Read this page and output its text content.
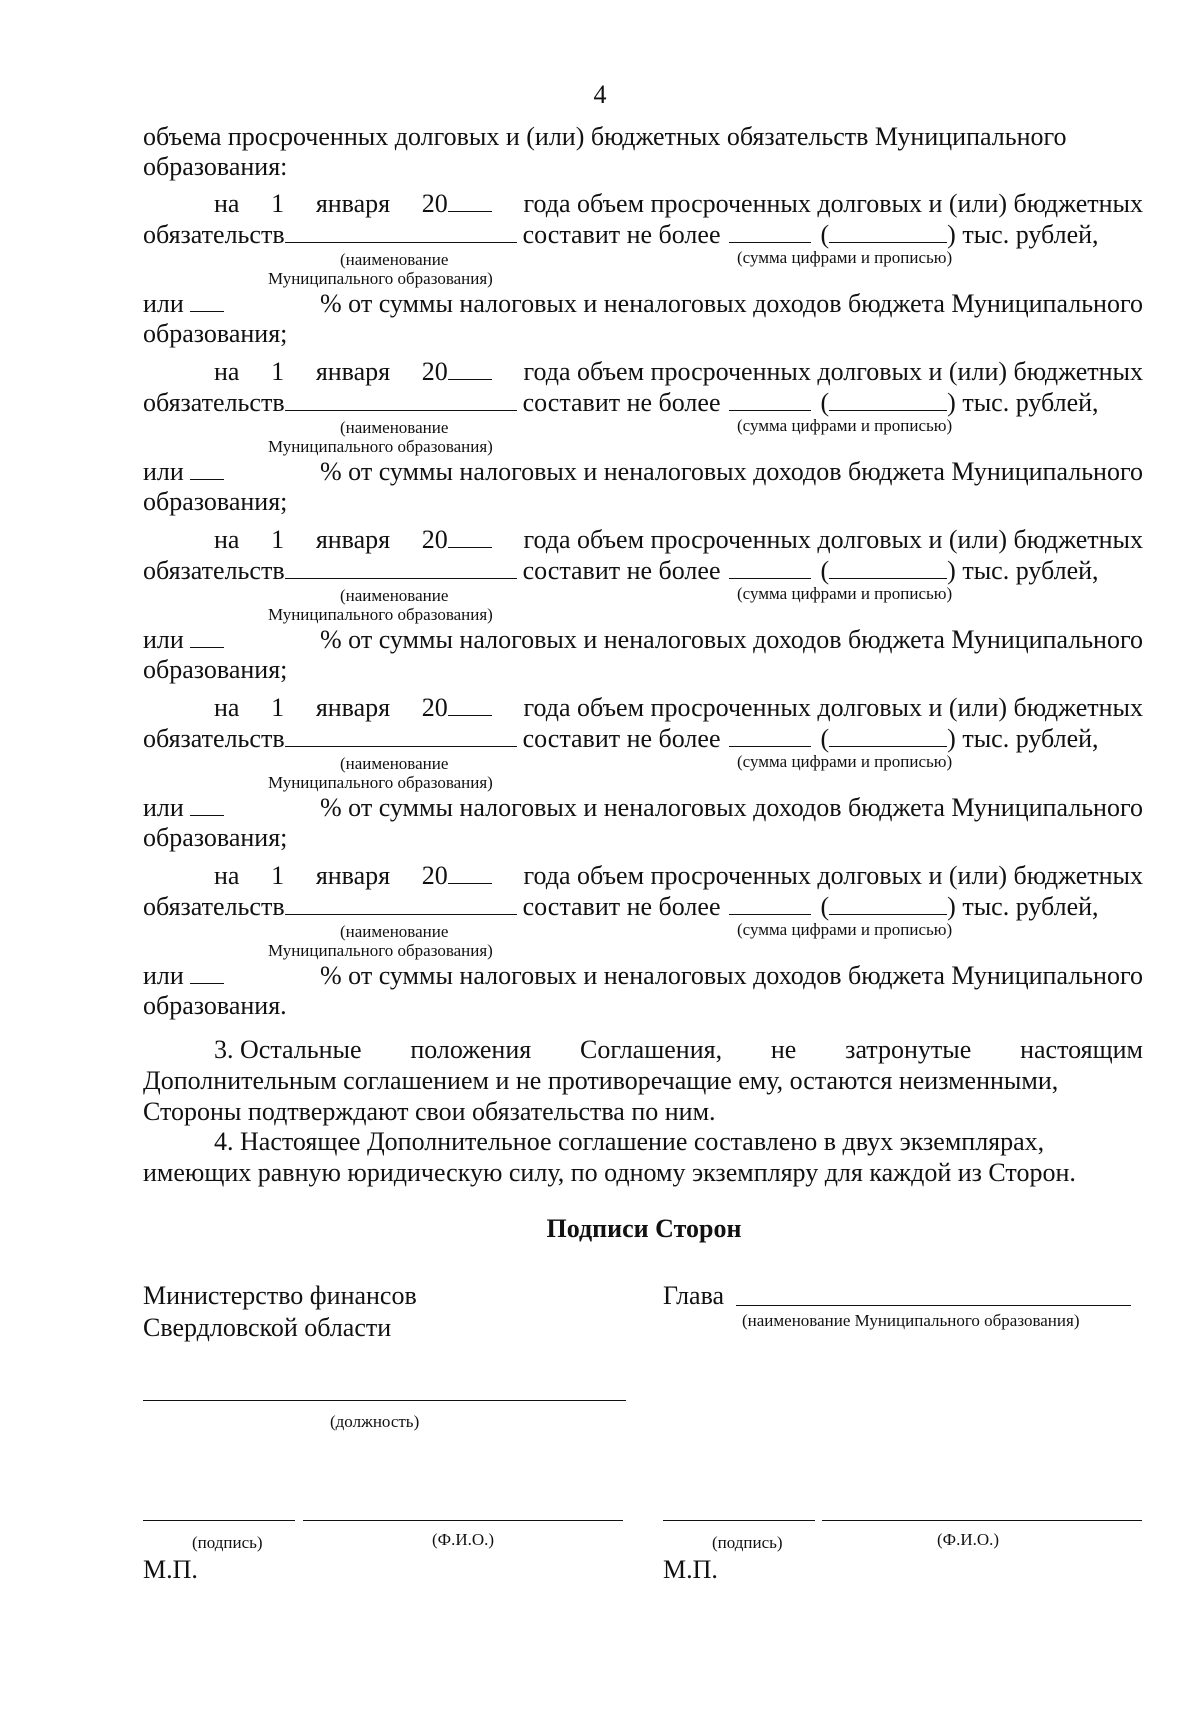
4
объема просроченных долговых и (или) бюджетных обязательств Муниципального
образования:
на 1 января 20	года объем просроченных долговых и (или) бюджетных
обязательств	составит не более	(	) тыс. рублей,
(наименование	(сумма цифрами и прописью)
Муниципального образования)
или	% от суммы налоговых и неналоговых доходов бюджета Муниципального
образования;
на 1 января 20	года объем просроченных долговых и (или) бюджетных
обязательств	составит не более	(	) тыс. рублей,
(наименование	(сумма цифрами и прописью)
Муниципального образования)
или	% от суммы налоговых и неналоговых доходов бюджета Муниципального
образования;
на 1 января 20	года объем просроченных долговых и (или) бюджетных
обязательств	составит не более	(	) тыс. рублей,
(наименование	(сумма цифрами и прописью)
Муниципального образования)
или	% от суммы налоговых и неналоговых доходов бюджета Муниципального
образования;
на 1 января 20	года объем просроченных долговых и (или) бюджетных
обязательств	составит не более	(	) тыс. рублей,
(наименование	(сумма цифрами и прописью)
Муниципального образования)
или	% от суммы налоговых и неналоговых доходов бюджета Муниципального
образования;
на 1 января 20	года объем просроченных долговых и (или) бюджетных
обязательств	составит не более	(	) тыс. рублей,
(наименование	(сумма цифрами и прописью)
Муниципального образования)
или	% от суммы налоговых и неналоговых доходов бюджета Муниципального
образования.
3. Остальные положения Соглашения, не затронутые настоящим
Дополнительным соглашением и не противоречащие ему, остаются неизменными,
Стороны подтверждают свои обязательства по ним.
4. Настоящее Дополнительное соглашение составлено в двух экземплярах,
имеющих равную юридическую силу, по одному экземпляру для каждой из Сторон.
Подписи Сторон
Министерство финансов
Свердловской области
(должность)
(подпись)	(Ф.И.О.)
М.П.
Глава
(наименование Муниципального образования)
(подпись)	(Ф.И.О.)
М.П.
